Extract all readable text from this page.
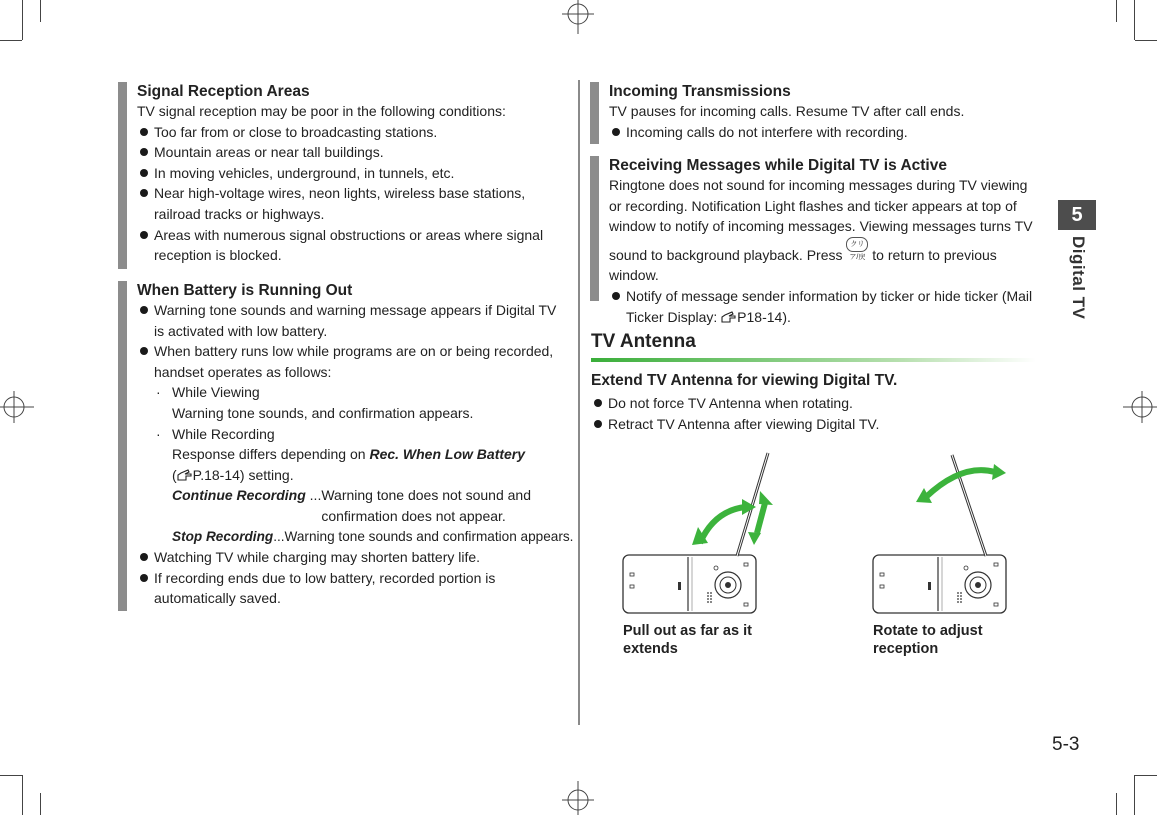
Signal Reception Areas
TV signal reception may be poor in the following conditions:
Too far from or close to broadcasting stations.
Mountain areas or near tall buildings.
In moving vehicles, underground, in tunnels, etc.
Near high-voltage wires, neon lights, wireless base stations, railroad tracks or highways.
Areas with numerous signal obstructions or areas where signal reception is blocked.
When Battery is Running Out
Warning tone sounds and warning message appears if Digital TV is activated with low battery.
When battery runs low while programs are on or being recorded, handset operates as follows:
· While Viewing
Warning tone sounds, and confirmation appears.
· While Recording
Response differs depending on Rec. When Low Battery
( P.18-14) setting.
Continue Recording ... Warning tone does not sound and confirmation does not appear.
Stop Recording ... Warning tone sounds and confirmation appears.
Watching TV while charging may shorten battery life.
If recording ends due to low battery, recorded portion is automatically saved.
Incoming Transmissions
TV pauses for incoming calls. Resume TV after call ends.
Incoming calls do not interfere with recording.
Receiving Messages while Digital TV is Active
Ringtone does not sound for incoming messages during TV viewing or recording. Notification Light flashes and ticker appears at top of window to notify of incoming messages. Viewing messages turns TV sound to background playback. Press クリア/戻 to return to previous window.
Notify of message sender information by ticker or hide ticker (Mail Ticker Display: P18-14).
TV Antenna
Extend TV Antenna for viewing Digital TV.
Do not force TV Antenna when rotating.
Retract TV Antenna after viewing Digital TV.
Pull out as far as it
extends
Rotate to adjust
reception
5
Digital TV
5-3
